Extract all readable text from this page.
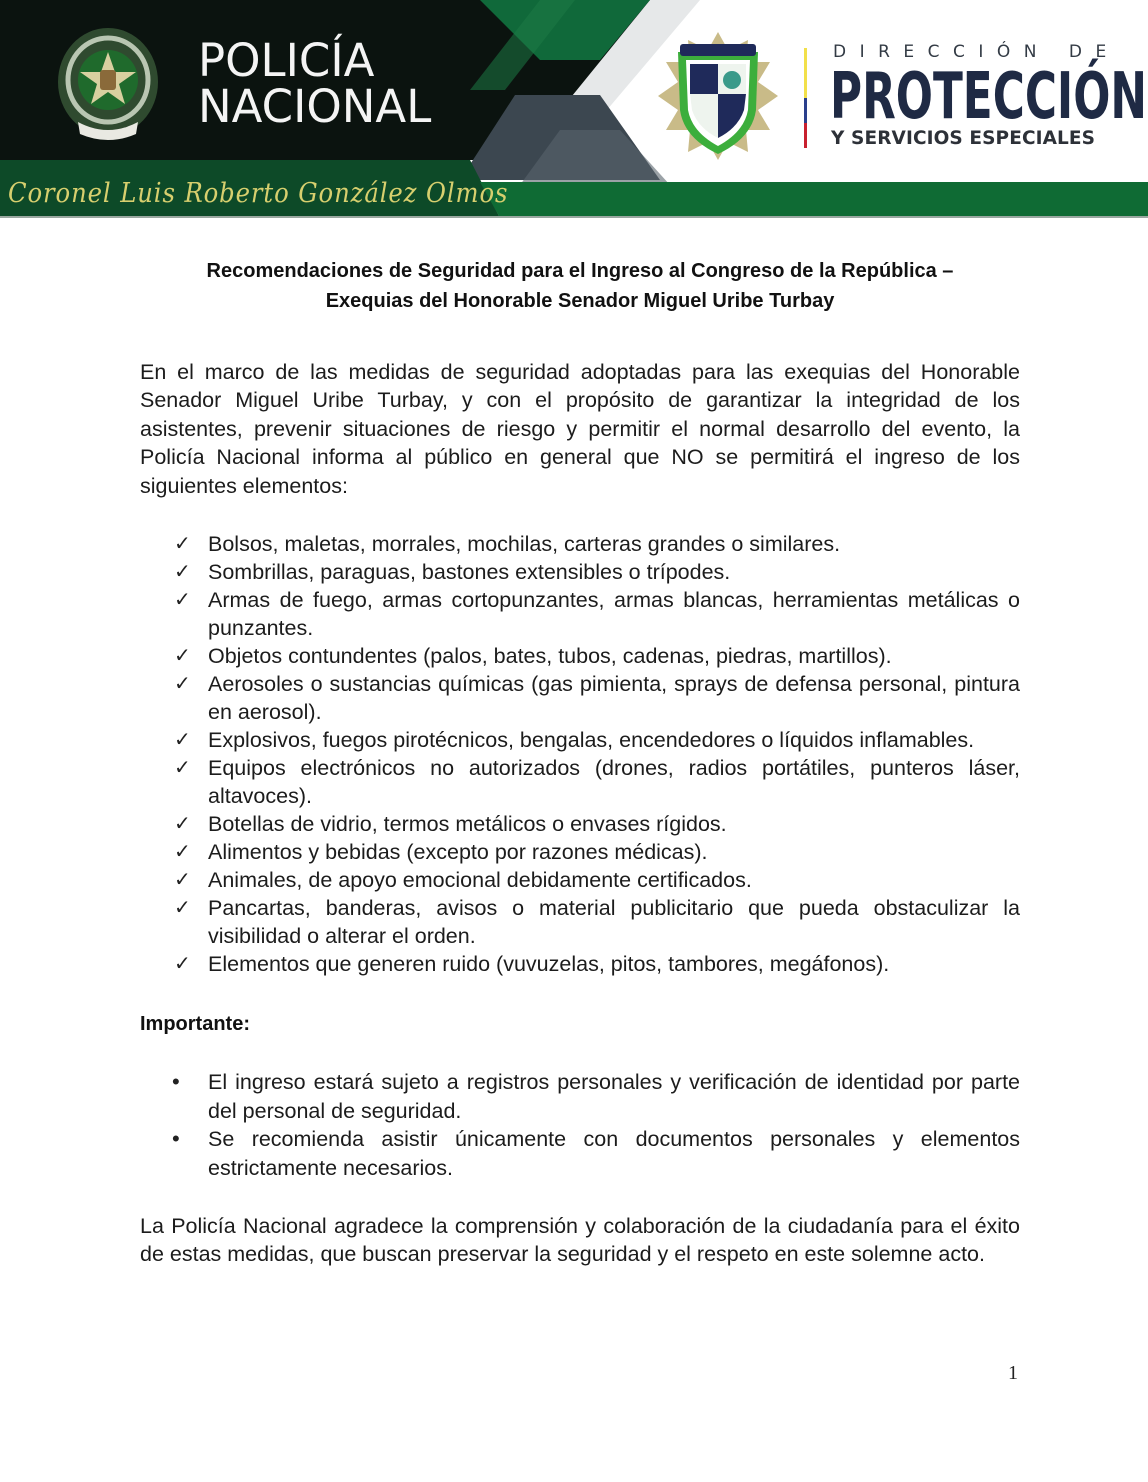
POLICÍA
NACIONAL
Coronel Luis Roberto González Olmos
DIRECCIÓN DE
PROTECCIÓN
Y SERVICIOS ESPECIALES
Recomendaciones de Seguridad para el Ingreso al Congreso de la República –
Exequias del Honorable Senador Miguel Uribe Turbay

En el marco de las medidas de seguridad adoptadas para las exequias del Honorable Senador Miguel Uribe Turbay, y con el propósito de garantizar la integridad de los asistentes, prevenir situaciones de riesgo y permitir el normal desarrollo del evento, la Policía Nacional informa al público en general que NO se permitirá el ingreso de los siguientes elementos:

✓ Bolsos, maletas, morrales, mochilas, carteras grandes o similares.
✓ Sombrillas, paraguas, bastones extensibles o trípodes.
✓ Armas de fuego, armas cortopunzantes, armas blancas, herramientas metálicas o punzantes.
✓ Objetos contundentes (palos, bates, tubos, cadenas, piedras, martillos).
✓ Aerosoles o sustancias químicas (gas pimienta, sprays de defensa personal, pintura en aerosol).
✓ Explosivos, fuegos pirotécnicos, bengalas, encendedores o líquidos inflamables.
✓ Equipos electrónicos no autorizados (drones, radios portátiles, punteros láser, altavoces).
✓ Botellas de vidrio, termos metálicos o envases rígidos.
✓ Alimentos y bebidas (excepto por razones médicas).
✓ Animales, de apoyo emocional debidamente certificados.
✓ Pancartas, banderas, avisos o material publicitario que pueda obstaculizar la visibilidad o alterar el orden.
✓ Elementos que generen ruido (vuvuzelas, pitos, tambores, megáfonos).

Importante:

• El ingreso estará sujeto a registros personales y verificación de identidad por parte del personal de seguridad.
• Se recomienda asistir únicamente con documentos personales y elementos estrictamente necesarios.

La Policía Nacional agradece la comprensión y colaboración de la ciudadanía para el éxito de estas medidas, que buscan preservar la seguridad y el respeto en este solemne acto.

1
